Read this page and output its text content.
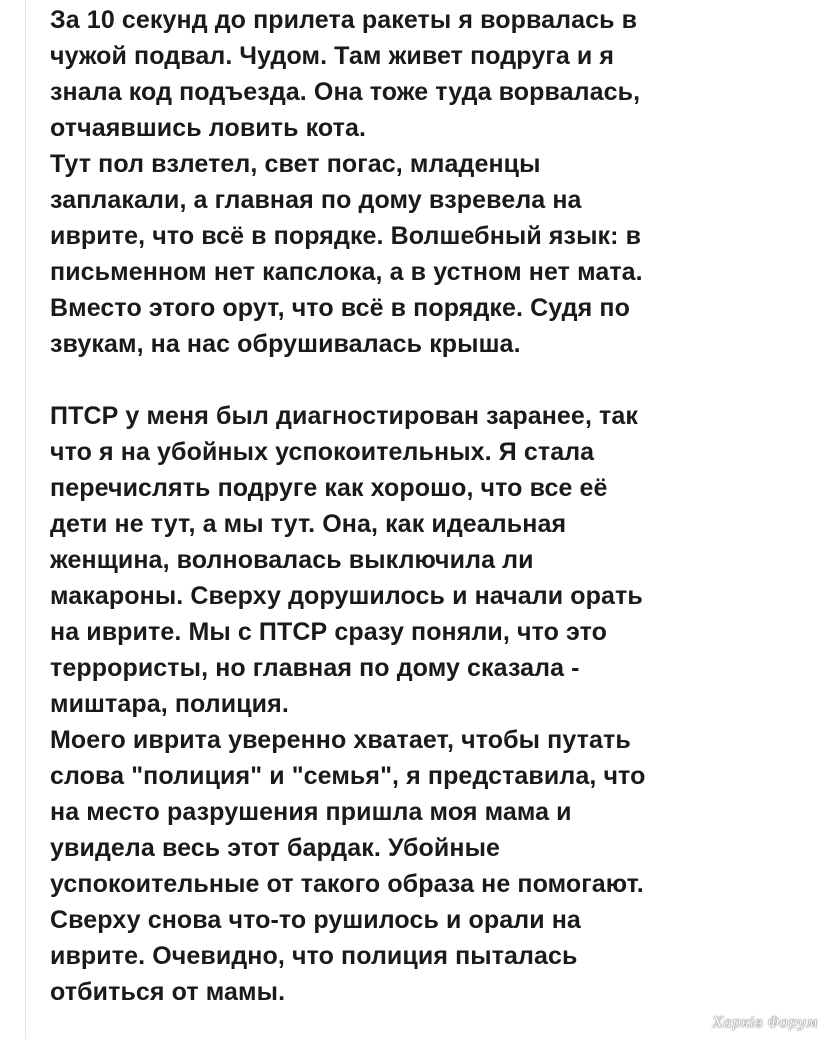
За 10 секунд до прилета ракеты я ворвалась в
чужой подвал. Чудом. Там живет подруга и я
знала код подъезда. Она тоже туда ворвалась,
отчаявшись ловить кота.
Тут пол взлетел, свет погас, младенцы
заплакали, а главная по дому взревела на
иврите, что всё в порядке. Волшебный язык: в
письменном нет капслока, а в устном нет мата.
Вместо этого орут, что всё в порядке. Судя по
звукам, на нас обрушивалась крыша.
ПТСР у меня был диагностирован заранее, так
что я на убойных успокоительных. Я стала
перечислять подруге как хорошо, что все её
дети не тут, а мы тут. Она, как идеальная
женщина, волновалась выключила ли
макароны. Сверху дорушилось и начали орать
на иврите. Мы с ПТСР сразу поняли, что это
террористы, но главная по дому сказала -
миштара, полиция.
Моего иврита уверенно хватает, чтобы путать
слова "полиция" и "семья", я представила, что
на место разрушения пришла моя мама и
увидела весь этот бардак. Убойные
успокоительные от такого образа не помогают.
Сверху снова что-то рушилось и орали на
иврите. Очевидно, что полиция пыталась
отбиться от мамы.
Харків Форум
